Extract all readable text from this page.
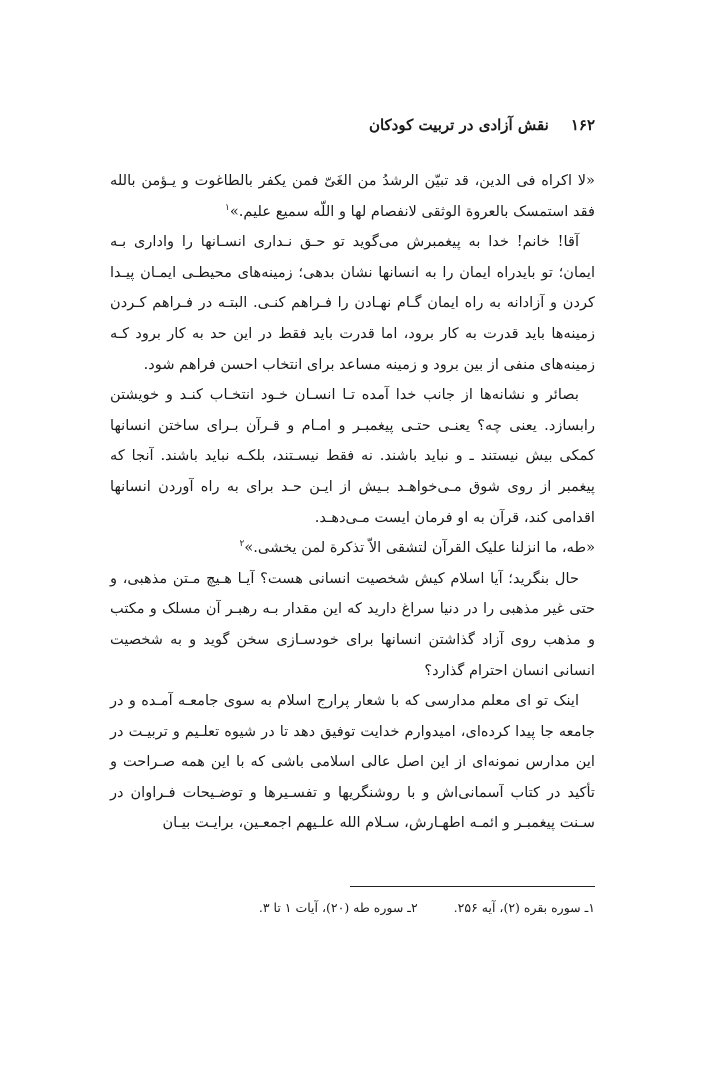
۱۶۲
نقش آزادی در تربیت کودکان

«لا اکراه فی الدین، قد تبیّن الرشدُ من الغَیّ فمن یکفر بالطاغوت و یـؤمن بالله فقد استمسک بالعروة الوثقی لانفصام لها و اللّه سمیع علیم.»$^۱$

آقا! خانم! خدا به پیغمبرش می‌گوید تو حـق نـداری انسـانها را واداری بـه ایمان؛ تو بایدراه ایمان را به انسانها نشان بدهی؛ زمینه‌های محیطـی ایمـان پیـدا کردن و آزادانه به راه ایمان گـام نهـادن را فـراهم کنـی. البتـه در فـراهم کـردن زمینه‌ها باید قدرت به کار برود، اما قدرت باید فقط در این حد به کار برود کـه زمینه‌های منفی از بین برود و زمینه مساعد برای انتخاب احسن فراهم شود.

بصائر و نشانه‌ها از جانب خدا آمده تـا انسـان خـود انتخـاب کنـد و خویشتن رابسازد. یعنی چه؟ یعنـی حتـی پیغمبـر و امـام و قـرآن بـرای ساختن انسانها کمکی بیش نیستند ـ و نباید باشند. نه فقط نیسـتند، بلکـه نباید باشند. آنجا که پیغمبر از روی شوق مـی‌خواهـد بـیش از ایـن حـد برای به راه آوردن انسانها اقدامی کند، قرآن به او فرمان ایست مـی‌دهـد.

«طه، ما انزلنا علیک القرآن لتشقی الاّ تذکرة لمن یخشی.»$^۲$

حال بنگرید؛ آیا اسلام کیش شخصیت انسانی هست؟ آیـا هـیچ مـتن مذهبی، و حتی غیر مذهبی را در دنیا سراغ دارید که این مقدار بـه رهبـر آن مسلک و مکتب و مذهب روی آزاد گذاشتن انسانها برای خودسـازی سخن گوید و به شخصیت انسانی انسان احترام گذارد؟

اینک تو ای معلم مدارسی که با شعار پرارج اسلام به سوی جامعـه آمـده و در جامعه جا پیدا کرده‌ای، امیدوارم خدایت توفیق دهد تا در شیوه تعلـیم و تربیـت در این مدارس نمونه‌ای از این اصل عالی اسلامی باشی که با این همه صـراحت و تأکید در کتاب آسمانی‌اش و با روشنگریها و تفسـیرها و توضـیحات فـراوان در سـنت پیغمبـر و ائمـه اطهـارش، سـلام الله علـیهم اجمعـین، برایـت بیـان

۱ـ سوره بقره (۲)، آیه ۲۵۶.
۲ـ سوره طه (۲۰)، آیات ۱ تا ۳.
